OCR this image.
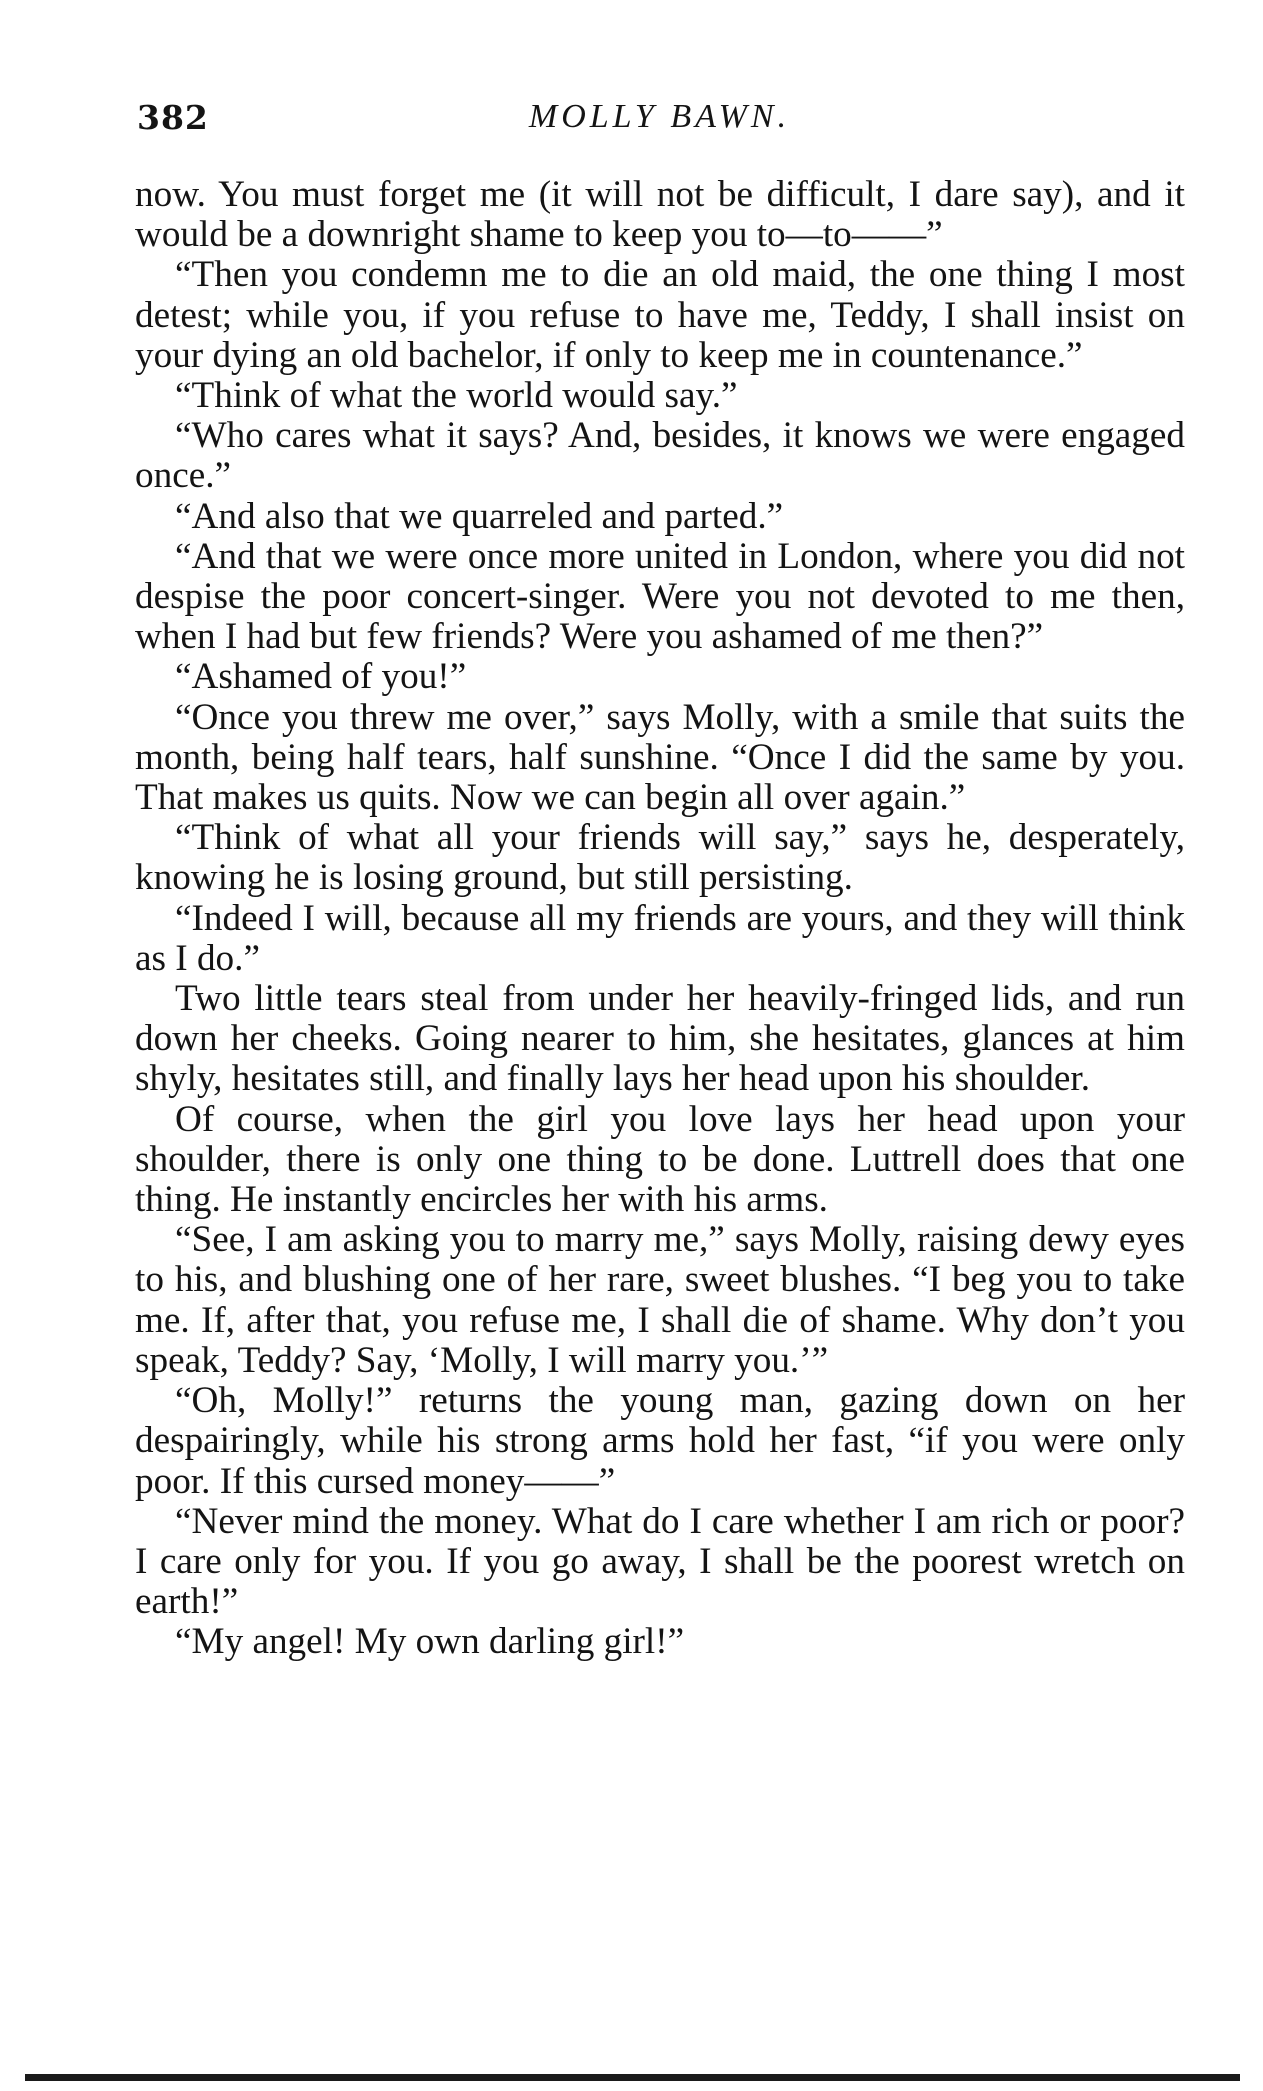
382	MOLLY BAWN.

now. You must forget me (it will not be difficult, I dare say), and it would be a downright shame to keep you to—to——”

“Then you condemn me to die an old maid, the one thing I most detest; while you, if you refuse to have me, Teddy, I shall insist on your dying an old bachelor, if only to keep me in countenance.”

“Think of what the world would say.”

“Who cares what it says? And, besides, it knows we were engaged once.”

“And also that we quarreled and parted.”

“And that we were once more united in London, where you did not despise the poor concert-singer. Were you not devoted to me then, when I had but few friends? Were you ashamed of me then?”

“Ashamed of you!”

“Once you threw me over,” says Molly, with a smile that suits the month, being half tears, half sunshine. “Once I did the same by you. That makes us quits. Now we can begin all over again.”

“Think of what all your friends will say,” says he, desperately, knowing he is losing ground, but still persisting.

“Indeed I will, because all my friends are yours, and they will think as I do.”

Two little tears steal from under her heavily-fringed lids, and run down her cheeks. Going nearer to him, she hesitates, glances at him shyly, hesitates still, and finally lays her head upon his shoulder.

Of course, when the girl you love lays her head upon your shoulder, there is only one thing to be done. Luttrell does that one thing. He instantly encircles her with his arms.

“See, I am asking you to marry me,” says Molly, raising dewy eyes to his, and blushing one of her rare, sweet blushes. “I beg you to take me. If, after that, you refuse me, I shall die of shame. Why don’t you speak, Teddy? Say, ‘Molly, I will marry you.’”

“Oh, Molly!” returns the young man, gazing down on her despairingly, while his strong arms hold her fast, “if you were only poor. If this cursed money——”

“Never mind the money. What do I care whether I am rich or poor? I care only for you. If you go away, I shall be the poorest wretch on earth!”

“My angel! My own darling girl!”
